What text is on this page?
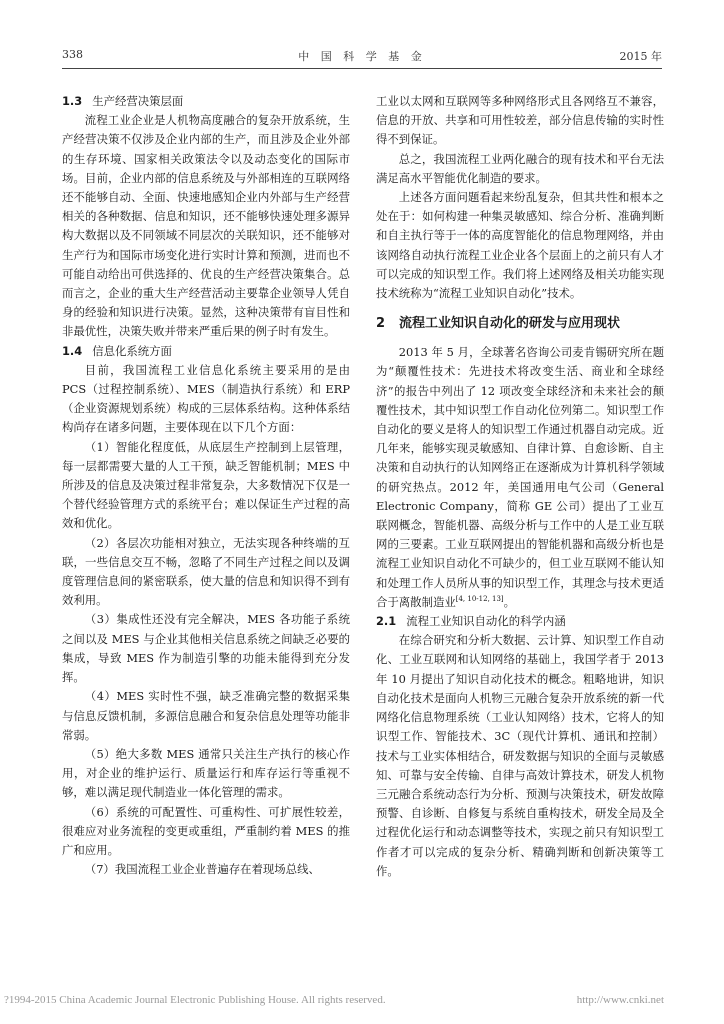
338	中 国 科 学 基 金	2015 年
1.3 生产经营决策层面

流程工业企业是人机物高度融合的复杂开放系统，生产经营决策不仅涉及企业内部的生产，而且涉及企业外部的生存环境、国家相关政策法令以及动态变化的国际市场。目前，企业内部的信息系统及与外部相连的互联网络还不能够自动、全面、快速地感知企业内外部与生产经营相关的各种数据、信息和知识，还不能够快速处理多源异构大数据以及不同领域不同层次的关联知识，还不能够对生产行为和国际市场变化进行实时计算和预测，进而也不可能自动给出可供选择的、优良的生产经营决策集合。总而言之，企业的重大生产经营活动主要靠企业领导人凭自身的经验和知识进行决策。显然，这种决策带有盲目性和非最优性，决策失败并带来严重后果的例子时有发生。

1.4 信息化系统方面

目前，我国流程工业信息化系统主要采用的是由 PCS（过程控制系统）、MES（制造执行系统）和 ERP（企业资源规划系统）构成的三层体系结构。这种体系结构尚存在诸多问题，主要体现在以下几个方面：

（1）智能化程度低，从底层生产控制到上层管理，每一层都需要大量的人工干预，缺乏智能机制；MES 中所涉及的信息及决策过程非常复杂，大多数情况下仅是一个替代经验管理方式的系统平台；难以保证生产过程的高效和优化。

（2）各层次功能相对独立，无法实现各种终端的互联，一些信息交互不畅，忽略了不同生产过程之间以及调度管理信息间的紧密联系，使大量的信息和知识得不到有效利用。

（3）集成性还没有完全解决，MES 各功能子系统之间以及 MES 与企业其他相关信息系统之间缺乏必要的集成，导致 MES 作为制造引擎的功能未能得到充分发挥。

（4）MES 实时性不强，缺乏准确完整的数据采集与信息反馈机制，多源信息融合和复杂信息处理等功能非常弱。

（5）绝大多数 MES 通常只关注生产执行的核心作用，对企业的维护运行、质量运行和库存运行等重视不够，难以满足现代制造业一体化管理的需求。

（6）系统的可配置性、可重构性、可扩展性较差，很难应对业务流程的变更或重组，严重制约着 MES 的推广和应用。

（7）我国流程工业企业普遍存在着现场总线、

工业以太网和互联网等多种网络形式且各网络互不兼容，信息的开放、共享和可用性较差，部分信息传输的实时性得不到保证。

总之，我国流程工业两化融合的现有技术和平台无法满足高水平智能优化制造的要求。

上述各方面问题看起来纷乱复杂，但其共性和根本之处在于：如何构建一种集灵敏感知、综合分析、准确判断和自主执行等于一体的高度智能化的信息物理网络，并由该网络自动执行流程工业企业各个层面上的之前只有人才可以完成的知识型工作。我们将上述网络及相关功能实现技术统称为“流程工业知识自动化”技术。

2 流程工业知识自动化的研发与应用现状

2013 年 5 月，全球著名咨询公司麦肯锡研究所在题为“颠覆性技术：先进技术将改变生活、商业和全球经济”的报告中列出了 12 项改变全球经济和未来社会的颠覆性技术，其中知识型工作自动化位列第二。知识型工作自动化的要义是将人的知识型工作通过机器自动完成。近几年来，能够实现灵敏感知、自律计算、自愈诊断、自主决策和自动执行的认知网络正在逐渐成为计算机科学领域的研究热点。2012 年，美国通用电气公司（General Electronic Company，简称 GE 公司）提出了工业互联网概念，智能机器、高级分析与工作中的人是工业互联网的三要素。工业互联网提出的智能机器和高级分析也是流程工业知识自动化不可缺少的，但工业互联网不能认知和处理工作人员所从事的知识型工作，其理念与技术更适合于离散制造业[4, 10-12, 13]。

2.1 流程工业知识自动化的科学内涵

在综合研究和分析大数据、云计算、知识型工作自动化、工业互联网和认知网络的基础上，我国学者于 2013 年 10 月提出了知识自动化技术的概念。粗略地讲，知识自动化技术是面向人机物三元融合复杂开放系统的新一代网络化信息物理系统（工业认知网络）技术，它将人的知识型工作、智能技术、3C（现代计算机、通讯和控制）技术与工业实体相结合，研发数据与知识的全面与灵敏感知、可靠与安全传输、自律与高效计算技术，研发人机物三元融合系统动态行为分析、预测与决策技术，研发故障预警、自诊断、自修复与系统自重构技术，研发全局及全过程优化运行和动态调整等技术，实现之前只有知识型工作者才可以完成的复杂分析、精确判断和创新决策等工作。

?1994-2015 China Academic Journal Electronic Publishing House. All rights reserved.	http://www.cnki.net
